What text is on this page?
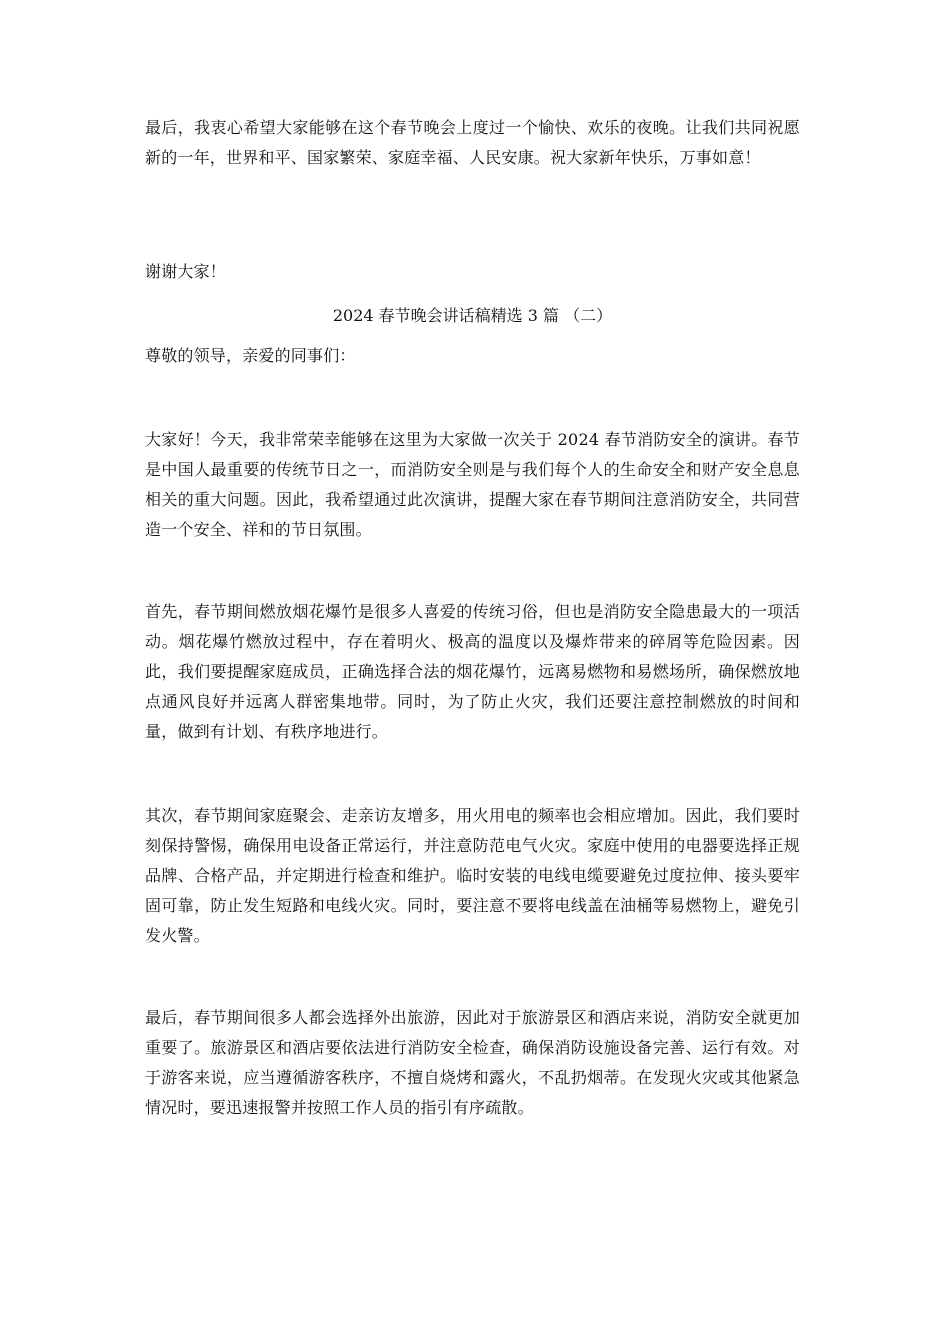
最后，我衷心希望大家能够在这个春节晚会上度过一个愉快、欢乐的夜晚。让我们共同祝愿新的一年，世界和平、国家繁荣、家庭幸福、人民安康。祝大家新年快乐，万事如意！

谢谢大家！

2024 春节晚会讲话稿精选 3 篇 （二）

尊敬的领导，亲爱的同事们：

大家好！今天，我非常荣幸能够在这里为大家做一次关于 2024 春节消防安全的演讲。春节是中国人最重要的传统节日之一，而消防安全则是与我们每个人的生命安全和财产安全息息相关的重大问题。因此，我希望通过此次演讲，提醒大家在春节期间注意消防安全，共同营造一个安全、祥和的节日氛围。

首先，春节期间燃放烟花爆竹是很多人喜爱的传统习俗，但也是消防安全隐患最大的一项活动。烟花爆竹燃放过程中，存在着明火、极高的温度以及爆炸带来的碎屑等危险因素。因此，我们要提醒家庭成员，正确选择合法的烟花爆竹，远离易燃物和易燃场所，确保燃放地点通风良好并远离人群密集地带。同时，为了防止火灾，我们还要注意控制燃放的时间和量，做到有计划、有秩序地进行。

其次，春节期间家庭聚会、走亲访友增多，用火用电的频率也会相应增加。因此，我们要时刻保持警惕，确保用电设备正常运行，并注意防范电气火灾。家庭中使用的电器要选择正规品牌、合格产品，并定期进行检查和维护。临时安装的电线电缆要避免过度拉伸、接头要牢固可靠，防止发生短路和电线火灾。同时，要注意不要将电线盖在油桶等易燃物上，避免引发火警。

最后，春节期间很多人都会选择外出旅游，因此对于旅游景区和酒店来说，消防安全就更加重要了。旅游景区和酒店要依法进行消防安全检查，确保消防设施设备完善、运行有效。对于游客来说，应当遵循游客秩序，不擅自烧烤和露火，不乱扔烟蒂。在发现火灾或其他紧急情况时，要迅速报警并按照工作人员的指引有序疏散。
